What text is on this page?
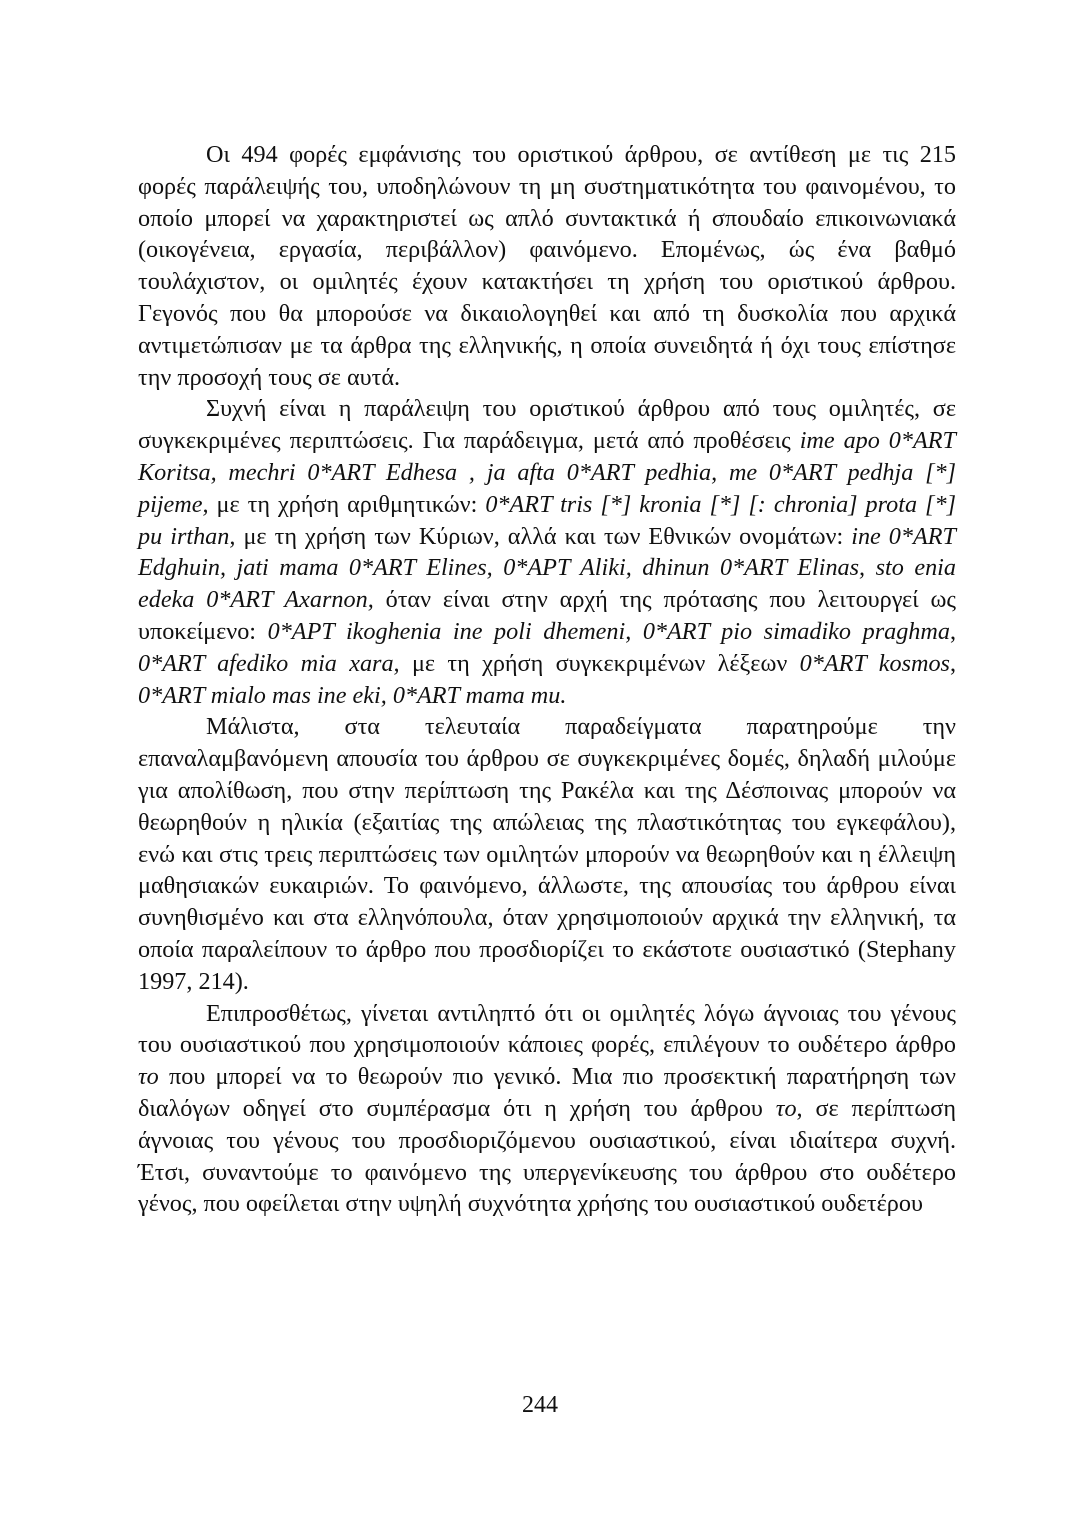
Οι 494 φορές εμφάνισης του οριστικού άρθρου, σε αντίθεση με τις 215 φορές παράλειψής του, υποδηλώνουν τη μη συστηματικότητα του φαινομένου, το οποίο μπορεί να χαρακτηριστεί ως απλό συντακτικά ή σπουδαίο επικοινωνιακά (οικογένεια, εργασία, περιβάλλον) φαινόμενο. Επομένως, ώς ένα βαθμό τουλάχιστον, οι ομιλητές έχουν κατακτήσει τη χρήση του οριστικού άρθρου. Γεγονός που θα μπορούσε να δικαιολογηθεί και από τη δυσκολία που αρχικά αντιμετώπισαν με τα άρθρα της ελληνικής, η οποία συνειδητά ή όχι τους επίστησε την προσοχή τους σε αυτά.

Συχνή είναι η παράλειψη του οριστικού άρθρου από τους ομιλητές, σε συγκεκριμένες περιπτώσεις. Για παράδειγμα, μετά από προθέσεις ime apo 0*ART Koritsa, mechri 0*ART Edhesa , ja afta 0*ART pedhia, me 0*ART pedhja [*] pijeme, με τη χρήση αριθμητικών: 0*ART tris [*] kronia [*] [: chronia] prota [*] pu irthan, με τη χρήση των Κύριων, αλλά και των Εθνικών ονομάτων: ine 0*ART Edghuin, jati mama 0*ART Elines, 0*APT Aliki, dhinun 0*ART Elinas, sto enia edeka 0*ART Axarnon, όταν είναι στην αρχή της πρότασης που λειτουργεί ως υποκείμενο: 0*APT ikoghenia ine poli dhemeni, 0*ART pio simadiko praghma, 0*ART afediko mia xara, με τη χρήση συγκεκριμένων λέξεων 0*ART kosmos, 0*ART mialo mas ine eki, 0*ART mama mu.

Μάλιστα, στα τελευταία παραδείγματα παρατηρούμε την επαναλαμβανόμενη απουσία του άρθρου σε συγκεκριμένες δομές, δηλαδή μιλούμε για απολίθωση, που στην περίπτωση της Ρακέλα και της Δέσποινας μπορούν να θεωρηθούν η ηλικία (εξαιτίας της απώλειας της πλαστικότητας του εγκεφάλου), ενώ και στις τρεις περιπτώσεις των ομιλητών μπορούν να θεωρηθούν και η έλλειψη μαθησιακών ευκαιριών. Το φαινόμενο, άλλωστε, της απουσίας του άρθρου είναι συνηθισμένο και στα ελληνόπουλα, όταν χρησιμοποιούν αρχικά την ελληνική, τα οποία παραλείπουν το άρθρο που προσδιορίζει το εκάστοτε ουσιαστικό (Stephany 1997, 214).

Επιπροσθέτως, γίνεται αντιληπτό ότι οι ομιλητές λόγω άγνοιας του γένους του ουσιαστικού που χρησιμοποιούν κάποιες φορές, επιλέγουν το ουδέτερο άρθρο το που μπορεί να το θεωρούν πιο γενικό. Μια πιο προσεκτική παρατήρηση των διαλόγων οδηγεί στο συμπέρασμα ότι η χρήση του άρθρου το, σε περίπτωση άγνοιας του γένους του προσδιοριζόμενου ουσιαστικού, είναι ιδιαίτερα συχνή. Έτσι, συναντούμε το φαινόμενο της υπεργενίκευσης του άρθρου στο ουδέτερο γένος, που οφείλεται στην υψηλή συχνότητα χρήσης του ουσιαστικού ουδετέρου

244
